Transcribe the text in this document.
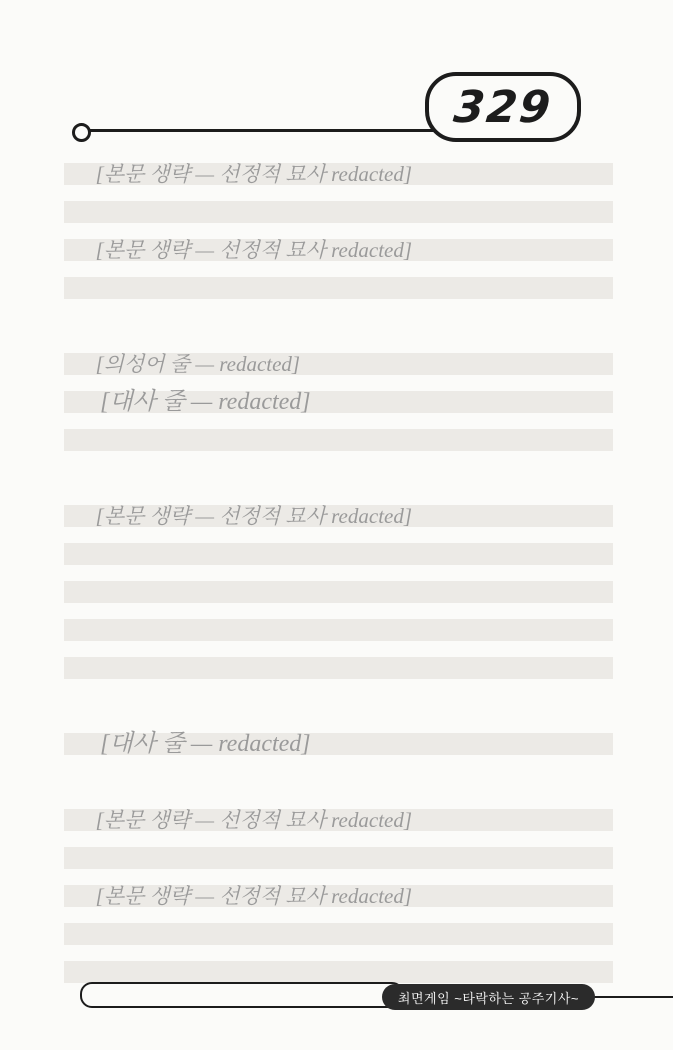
329

[본문 생략 — 선정적 묘사 redacted]

[본문 생략 — 선정적 묘사 redacted]

[의성어 줄 — redacted]

[대사 줄 — redacted]

[본문 생략 — 선정적 묘사 redacted]

[대사 줄 — redacted]

[본문 생략 — 선정적 묘사 redacted]

[본문 생략 — 선정적 묘사 redacted]

최면게임 ~타락하는 공주기사~
